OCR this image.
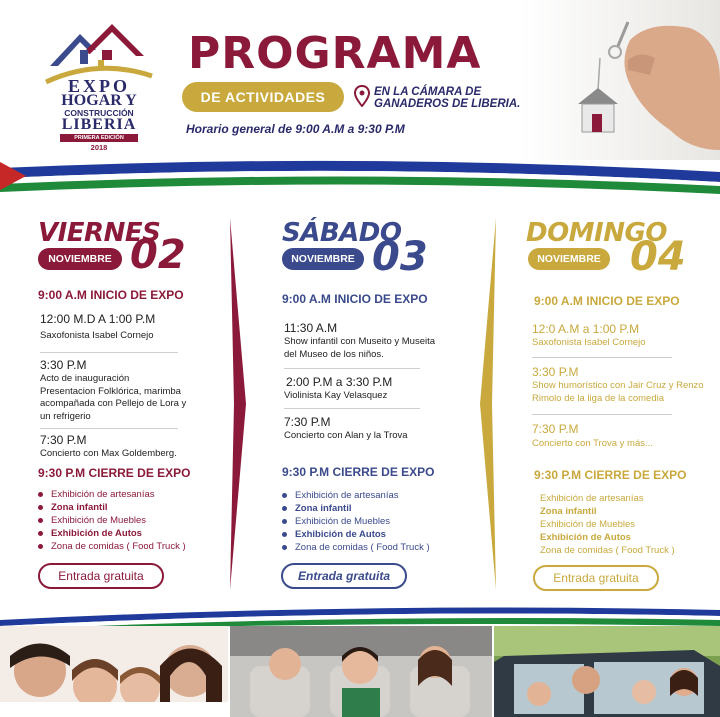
EXPO
HOGAR Y
CONSTRUCCIÓN
LIBERIA
PRIMERA EDICIÓN
2018
PROGRAMA
DE ACTIVIDADES	EN LA CÁMARA DE
GANADEROS DE LIBERIA.
Horario general de 9:00 A.M a 9:30 P.M
VIERNES
NOVIEMBRE 02
9:00 A.M INICIO DE EXPO
12:00 M.D A 1:00 P.M
Saxofonista Isabel Cornejo
3:30 P.M
Acto de inauguración
Presentacion Folklórica, marimba
acompañada con Pellejo de Lora y
un refrigerio
7:30 P.M
Concierto con Max Goldemberg.
9:30 P.M CIERRE DE EXPO
Exhibición de artesanías
Zona infantil
Exhibición de Muebles
Exhibición de Autos
Zona de comidas ( Food Truck )
Entrada gratuita
SÁBADO
NOVIEMBRE 03
9:00 A.M INICIO DE EXPO
11:30 A.M
Show infantil con Museito y Museita
del Museo de los niños.
2:00 P.M a 3:30 P.M
Violinista Kay Velasquez
7:30 P.M
Concierto con Alan y la Trova
9:30 P.M CIERRE DE EXPO
Exhibición de artesanías
Zona infantil
Exhibición de Muebles
Exhibición de Autos
Zona de comidas ( Food Truck )
Entrada gratuita
DOMINGO
NOVIEMBRE 04
9:00 A.M INICIO DE EXPO
12:0 A.M a 1:00 P.M
Saxofonista Isabel Cornejo
3:30 P.M
Show humorístico con Jair Cruz y Renzo
Rimolo de la liga de la comedia
7:30 P.M
Concierto con Trova y más...
9:30 P.M CIERRE DE EXPO
Exhibición de artesanías
Zona infantil
Exhibición de Muebles
Exhibición de Autos
Zona de comidas ( Food Truck )
Entrada gratuita
